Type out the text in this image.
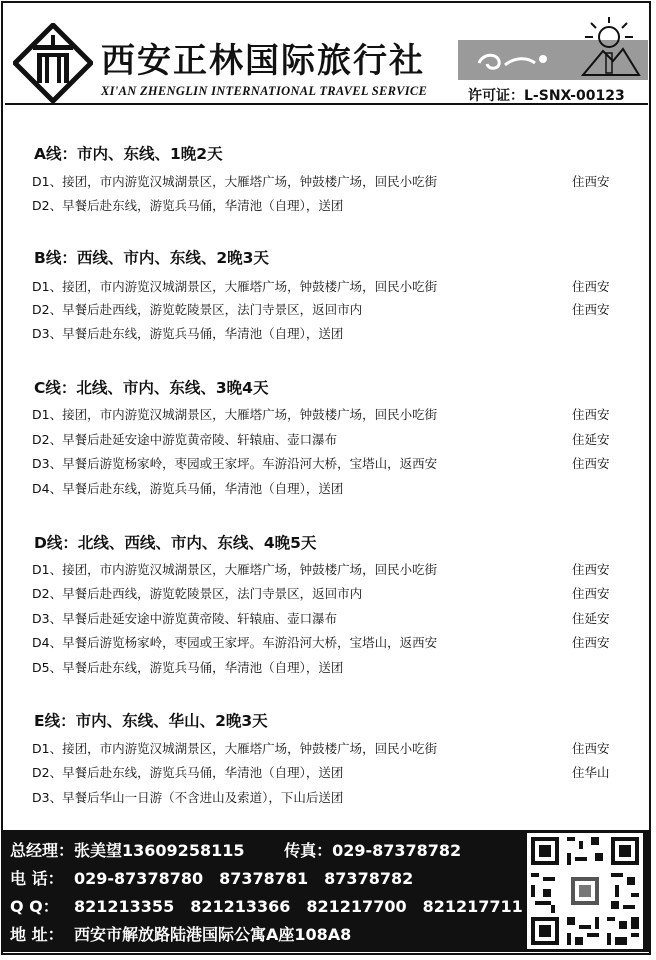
西安正林国际旅行社
XI'AN ZHENGLIN INTERNATIONAL TRAVEL SERVICE	许可证：L-SNX-00123
A线：市内、东线、1晚2天
D1、接团，市内游览汉城湖景区，大雁塔广场，钟鼓楼广场，回民小吃街	住西安
D2、早餐后赴东线，游览兵马俑，华清池（自理），送团
B线：西线、市内、东线、2晚3天
D1、接团，市内游览汉城湖景区，大雁塔广场，钟鼓楼广场，回民小吃街	住西安
D2、早餐后赴西线，游览乾陵景区，法门寺景区，返回市内	住西安
D3、早餐后赴东线，游览兵马俑，华清池（自理），送团
C线：北线、市内、东线、3晚4天
D1、接团，市内游览汉城湖景区，大雁塔广场，钟鼓楼广场，回民小吃街	住西安
D2、早餐后赴延安途中游览黄帝陵、轩辕庙、壶口瀑布	住延安
D3、早餐后游览杨家岭，枣园或王家坪。车游沿河大桥，宝塔山，返西安	住西安
D4、早餐后赴东线，游览兵马俑，华清池（自理），送团
D线：北线、西线、市内、东线、4晚5天
D1、接团，市内游览汉城湖景区，大雁塔广场，钟鼓楼广场，回民小吃街	住西安
D2、早餐后赴西线，游览乾陵景区，法门寺景区，返回市内	住西安
D3、早餐后赴延安途中游览黄帝陵、轩辕庙、壶口瀑布	住延安
D4、早餐后游览杨家岭，枣园或王家坪。车游沿河大桥，宝塔山，返西安	住西安
D5、早餐后赴东线，游览兵马俑，华清池（自理），送团
E线：市内、东线、华山、2晚3天
D1、接团，市内游览汉城湖景区，大雁塔广场，钟鼓楼广场，回民小吃街	住西安
D2、早餐后赴东线，游览兵马俑，华清池（自理），送团	住华山
D3、早餐后华山一日游（不含进山及索道），下山后送团
总经理：张美望13609258115 传真：029-87378782
电 话： 029-87378780　87378781　87378782
Q Q： 821213355　821213366　821217700　821217711
地 址： 西安市解放路陆港国际公寓A座108A8
